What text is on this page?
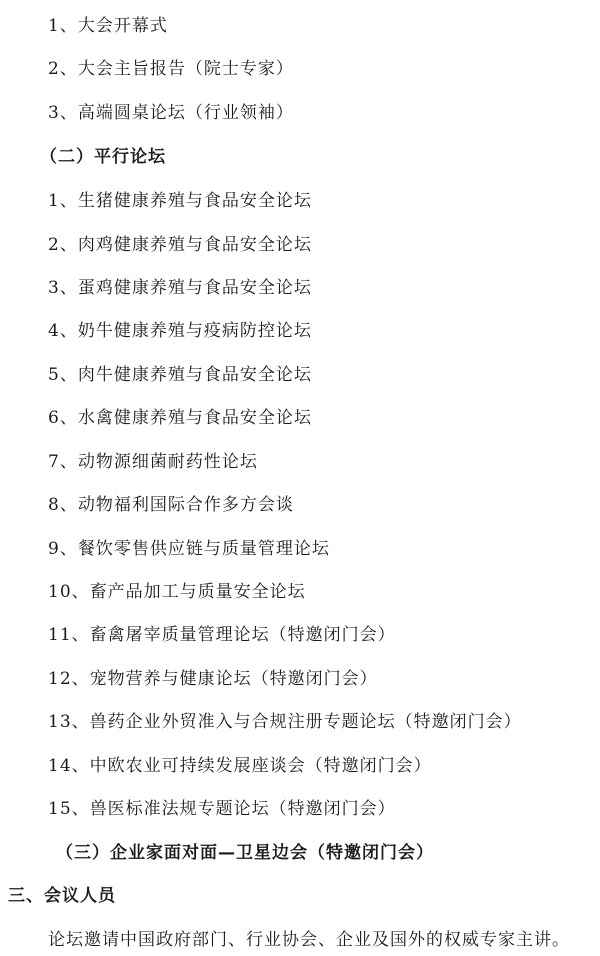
1、大会开幕式
2、大会主旨报告（院士专家）
3、高端圆桌论坛（行业领袖）
（二）平行论坛
1、生猪健康养殖与食品安全论坛
2、肉鸡健康养殖与食品安全论坛
3、蛋鸡健康养殖与食品安全论坛
4、奶牛健康养殖与疫病防控论坛
5、肉牛健康养殖与食品安全论坛
6、水禽健康养殖与食品安全论坛
7、动物源细菌耐药性论坛
8、动物福利国际合作多方会谈
9、餐饮零售供应链与质量管理论坛
10、畜产品加工与质量安全论坛
11、畜禽屠宰质量管理论坛（特邀闭门会）
12、宠物营养与健康论坛（特邀闭门会）
13、兽药企业外贸准入与合规注册专题论坛（特邀闭门会）
14、中欧农业可持续发展座谈会（特邀闭门会）
15、兽医标准法规专题论坛（特邀闭门会）
（三）企业家面对面—卫星边会（特邀闭门会）
三、会议人员
论坛邀请中国政府部门、行业协会、企业及国外的权威专家主讲。
